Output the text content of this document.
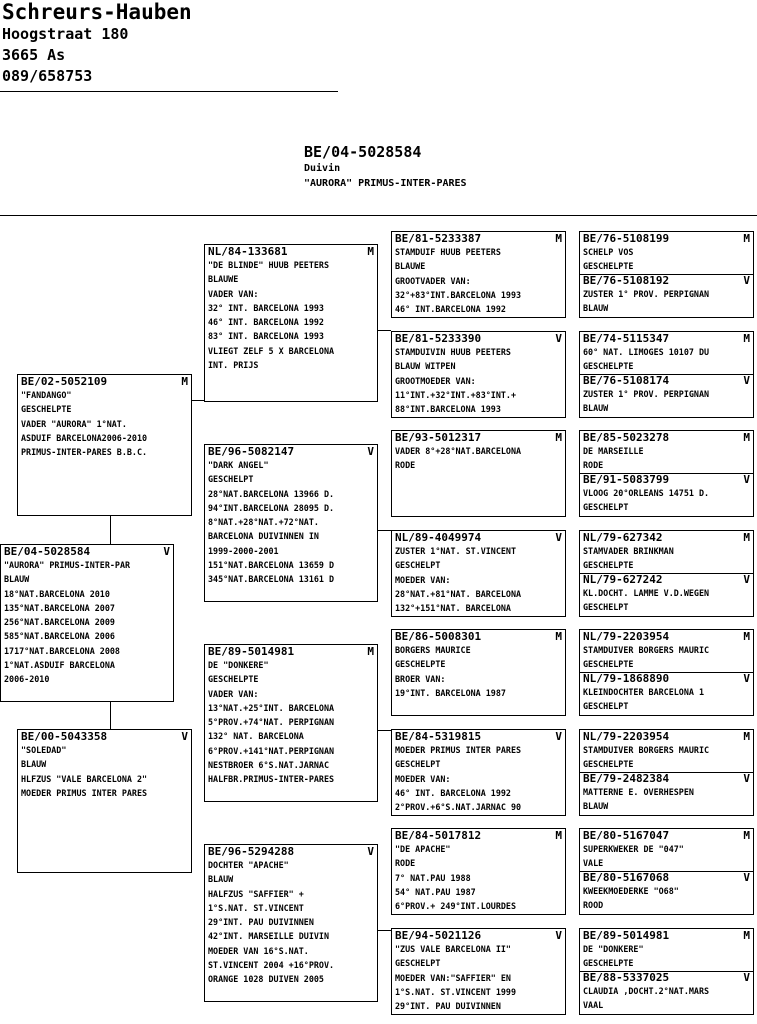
Schreurs-Hauben
Hoogstraat 180
3665 As
089/658753
BE/04-5028584
Duivin
"AURORA" PRIMUS-INTER-PARES
BE/04-5028584	V
"AURORA" PRIMUS-INTER-PAR
BLAUW
18°NAT.BARCELONA 2010
135°NAT.BARCELONA 2007
256°NAT.BARCELONA 2009
585°NAT.BARCELONA 2006
1717°NAT.BARCELONA 2008
1°NAT.ASDUIF BARCELONA
2006-2010
BE/02-5052109	M
"FANDANGO"
GESCHELPTE
VADER "AURORA" 1°NAT.
ASDUIF BARCELONA2006-2010
PRIMUS-INTER-PARES B.B.C.
BE/00-5043358	V
"SOLEDAD"
BLAUW
HLFZUS "VALE BARCELONA 2"
MOEDER PRIMUS INTER PARES
NL/84-133681	M
"DE BLINDE" HUUB PEETERS
BLAUWE
VADER VAN:
32° INT. BARCELONA 1993
46° INT. BARCELONA 1992
83° INT. BARCELONA 1993
VLIEGT ZELF 5 X BARCELONA
INT. PRIJS
BE/96-5082147	V
"DARK ANGEL"
GESCHELPT
28°NAT.BARCELONA 13966 D.
94°INT.BARCELONA 28095 D.
8°NAT.+28°NAT.+72°NAT.
BARCELONA DUIVINNEN IN
1999-2000-2001
151°NAT.BARCELONA 13659 D
345°NAT.BARCELONA 13161 D
BE/89-5014981	M
DE "DONKERE"
GESCHELPTE
VADER VAN:
13°NAT.+25°INT. BARCELONA
5°PROV.+74°NAT. PERPIGNAN
132° NAT. BARCELONA
6°PROV.+141°NAT.PERPIGNAN
NESTBROER 6°S.NAT.JARNAC
HALFBR.PRIMUS-INTER-PARES
BE/96-5294288	V
DOCHTER "APACHE"
BLAUW
HALFZUS "SAFFIER" +
1°S.NAT. ST.VINCENT
29°INT. PAU DUIVINNEN
42°INT. MARSEILLE DUIVIN
MOEDER VAN 16°S.NAT.
ST.VINCENT 2004 +16°PROV.
ORANGE 1028 DUIVEN 2005
BE/81-5233387	M
STAMDUIF HUUB PEETERS
BLAUWE
GROOTVADER VAN:
32°+83°INT.BARCELONA 1993
46° INT.BARCELONA 1992
BE/81-5233390	V
STAMDUIVIN HUUB PEETERS
BLAUW WITPEN
GROOTMOEDER VAN:
11°INT.+32°INT.+83°INT.+
88°INT.BARCELONA 1993
BE/93-5012317	M
VADER 8°+28°NAT.BARCELONA
RODE
NL/89-4049974	V
ZUSTER 1°NAT. ST.VINCENT
GESCHELPT
MOEDER VAN:
28°NAT.+81°NAT. BARCELONA
132°+151°NAT. BARCELONA
BE/86-5008301	M
BORGERS MAURICE
GESCHELPTE
BROER VAN:
19°INT. BARCELONA 1987
BE/84-5319815	V
MOEDER PRIMUS INTER PARES
GESCHELPT
MOEDER VAN:
46° INT. BARCELONA 1992
2°PROV.+6°S.NAT.JARNAC 90
BE/84-5017812	M
"DE APACHE"
RODE
7° NAT.PAU 1988
54° NAT.PAU 1987
6°PROV.+ 249°INT.LOURDES
BE/94-5021126	V
"ZUS VALE BARCELONA II"
GESCHELPT
MOEDER VAN:"SAFFIER" EN
1°S.NAT. ST.VINCENT 1999
29°INT. PAU DUIVINNEN
BE/76-5108199	M
SCHELP VOS
GESCHELPTE
BE/76-5108192	V
ZUSTER 1° PROV. PERPIGNAN
BLAUW
BE/74-5115347	M
60° NAT. LIMOGES 10107 DU
GESCHELPTE
BE/76-5108174	V
ZUSTER 1° PROV. PERPIGNAN
BLAUW
BE/85-5023278	M
DE MARSEILLE
RODE
BE/91-5083799	V
VLOOG 20°ORLEANS 14751 D.
GESCHELPT
NL/79-627342	M
STAMVADER BRINKMAN
GESCHELPTE
NL/79-627242	V
KL.DOCHT. LAMME V.D.WEGEN
GESCHELPT
NL/79-2203954	M
STAMDUIVER BORGERS MAURIC
GESCHELPTE
NL/79-1868890	V
KLEINDOCHTER BARCELONA 1
GESCHELPT
NL/79-2203954	M
STAMDUIVER BORGERS MAURIC
GESCHELPTE
BE/79-2482384	V
MATTERNE E. OVERHESPEN
BLAUW
BE/80-5167047	M
SUPERKWEKER DE "047"
VALE
BE/80-5167068	V
KWEEKMOEDERKE "O68"
ROOD
BE/89-5014981	M
DE "DONKERE"
GESCHELPTE
BE/88-5337025	V
CLAUDIA ,DOCHT.2°NAT.MARS
VAAL
